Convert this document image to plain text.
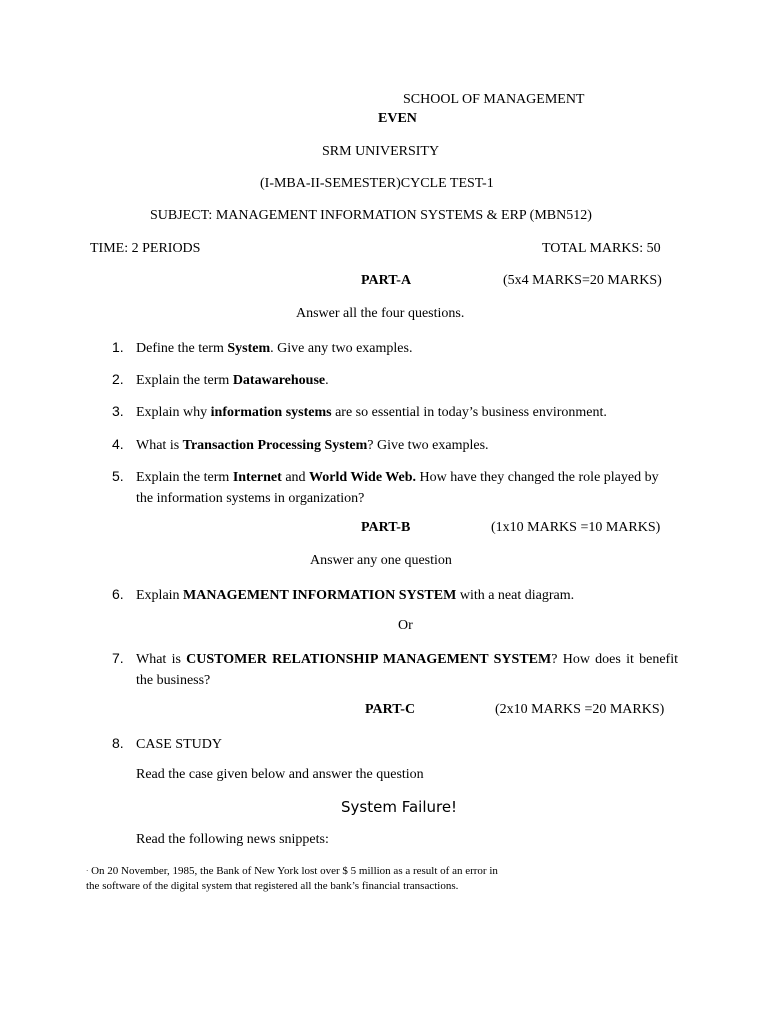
SCHOOL OF MANAGEMENT
EVEN
SRM UNIVERSITY
(I-MBA-II-SEMESTER)CYCLE TEST-1
SUBJECT: MANAGEMENT INFORMATION SYSTEMS & ERP (MBN512)
TIME: 2 PERIODS	TOTAL MARKS: 50
PART-A	(5x4 MARKS=20 MARKS)
Answer all the four questions.
1. Define the term System. Give any two examples.
2. Explain the term Datawarehouse.
3. Explain why information systems are so essential in today’s business environment.
4. What is Transaction Processing System? Give two examples.
5. Explain the term Internet and World Wide Web. How have they changed the role played by the information systems in organization?
PART-B	(1x10 MARKS =10 MARKS)
Answer any one question
6. Explain MANAGEMENT INFORMATION SYSTEM with a neat diagram.
Or
7. What is CUSTOMER RELATIONSHIP MANAGEMENT SYSTEM? How does it benefit the business?
PART-C	(2x10 MARKS =20 MARKS)
8. CASE STUDY
Read the case given below and answer the question
System Failure!
Read the following news snippets:
· On 20 November, 1985, the Bank of New York lost over $ 5 million as a result of an error in the software of the digital system that registered all the bank’s financial transactions.
